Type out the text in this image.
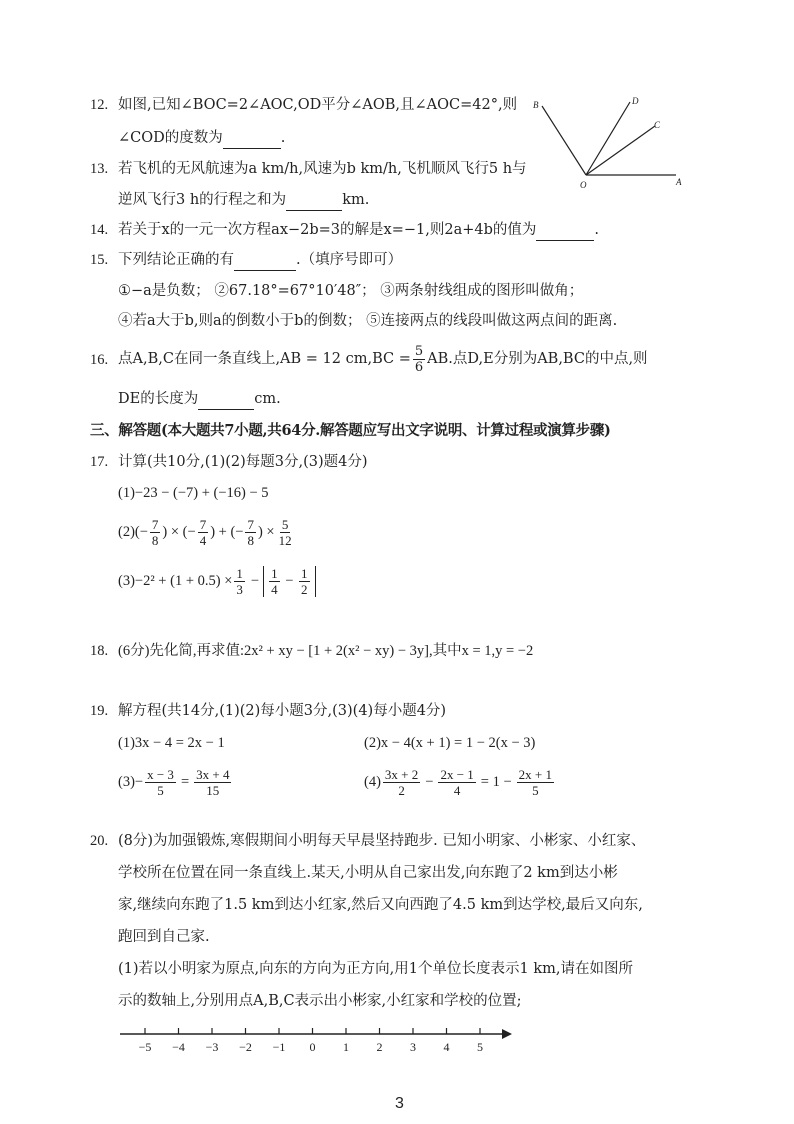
12. 如图,已知∠BOC=2∠AOC,OD平分∠AOB,且∠AOC=42°,则
∠COD的度数为	.
B	D
C
O	A
13. 若飞机的无风航速为a km/h,风速为b km/h,飞机顺风飞行5 h与
逆风飞行3 h的行程之和为	km.
14. 若关于x的一元一次方程ax−2b=3的解是x=−1,则2a+4b的值为	.
15. 下列结论正确的有	.（填序号即可）
①−a是负数； ②67.18°=67°10′48″； ③两条射线组成的图形叫做角；
④若a大于b,则a的倒数小于b的倒数； ⑤连接两点的线段叫做这两点间的距离.
16. 点A,B,C在同一条直线上,AB = 12 $cm,BC = \frac{5}{6}$ AB.点D,E分别为AB,BC的中点,则
DE的长度为	cm.
三、解答题(本大题共7小题,共64分.解答题应写出文字说明、计算过程或演算步骤)
17. 计算(共10分,(1)(2)每题3分,(3)题4分)
(1)−23 − (−7) + (−16) − 5
$(2)(- \frac{7}{8}$ ) × (− $\frac{7}{4}$ ) + (− $\frac{7}{8}$ ) × $\frac{5}{12}$
$(3)-2^2 + (1 + 0.5) \times \frac{1}{3} - \frac{1}{4} - \frac{1}{2}$
18. (6分)先化简,再求值:2x² + xy − [1 + 2(x² − xy) − 3y],其中x = 1,y = −2
19. 解方程(共14分,(1)(2)每小题3分,(3)(4)每小题4分)
(1)3x − 4 = 2x − 1	(2)x − 4(x + 1) = 1 − 2(x − 3)
$(3)- \frac{x - 3}{5} = \frac{3x + 4}{15}$	$(4) \frac{3x + 2}{2} - \frac{2x - 1}{4} = 1 - \frac{2x + 1}{5}$
20. (8分)为加强锻炼,寒假期间小明每天早晨坚持跑步. 已知小明家、小彬家、小红家、
学校所在位置在同一条直线上.某天,小明从自己家出发,向东跑了2 km到达小彬
家,继续向东跑了1.5 km到达小红家,然后又向西跑了4.5 km到达学校,最后又向东,
跑回到自己家.
(1)若以小明家为原点,向东的方向为正方向,用1个单位长度表示1 km,请在如图所
示的数轴上,分别用点A,B,C表示出小彬家,小红家和学校的位置;
−5 −4 −3 −2 −1 0 1 2 3 4 5
3
